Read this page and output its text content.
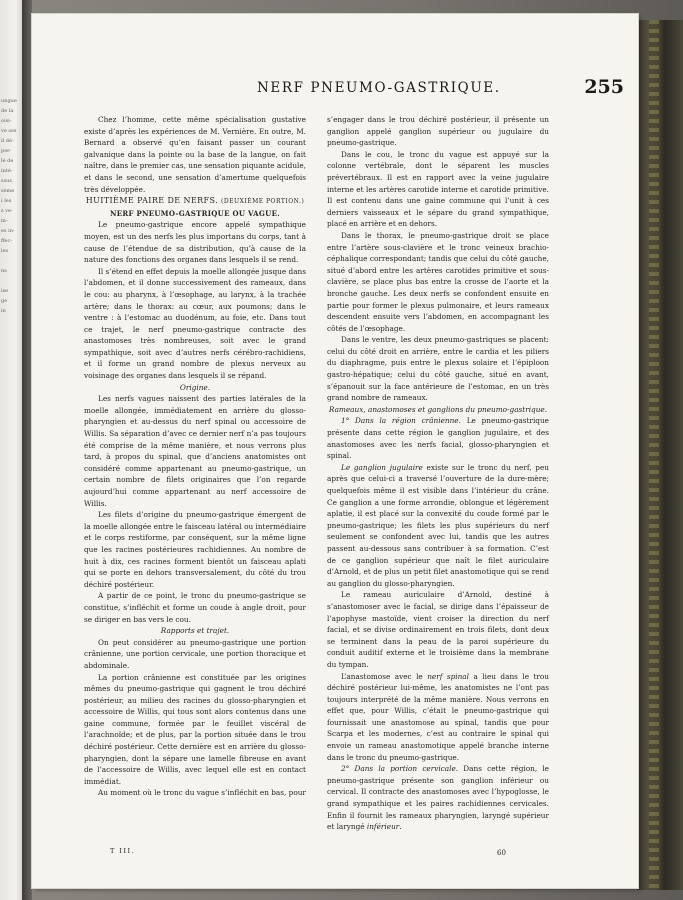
ungue
de la
oisi-
ve ses
il dé-
per-
lé de
inté-
ssus
sème
i les
s ve-
m-
es in-
ffec-
les

ns

ise
ge
in
NERF PNEUMO-GASTRIQUE.	255

Chez l’homme, cette même spécialisation gustative existe d’après les expériences de M. Vernière. En outre, M. Bernard a observé qu’en faisant passer un courant galvanique dans la pointe ou la base de la langue, on fait naître, dans le premier cas, une sensation piquante acidule, et dans le second, une sensation d’amertume quelquefois très développée.

HUITIÈME PAIRE DE NERFS. (DEUXIÈME PORTION.)

NERF PNEUMO-GASTRIQUE OU VAGUE.

Le pneumo-gastrique encore appelé sympathique moyen, est un des nerfs les plus importans du corps, tant à cause de l’étendue de sa distribution, qu’à cause de la nature des fonctions des organes dans lesquels il se rend.

Il s’étend en effet depuis la moelle allongée jusque dans l’abdomen, et il donne successivement des rameaux, dans le cou: au pharynx, à l’œsophage, au larynx, à la trachée artère; dans le thorax: au cœur, aux poumons; dans le ventre : à l’estomac au duodénum, au foie, etc. Dans tout ce trajet, le nerf pneumo-gastrique contracte des anastomoses très nombreuses, soit avec le grand sympathique, soit avec d’autres nerfs cérébro-rachidiens, et il forme un grand nombre de plexus nerveux au voisinage des organes dans lesquels il se répand.

Origine.

Les nerfs vagues naissent des parties latérales de la moelle allongée, immédiatement en arrière du glosso-pharyngien et au-dessus du nerf spinal ou accessoire de Willis. Sa séparation d’avec ce dernier nerf n’a pas toujours été comprise de la même manière, et nous verrons plus tard, à propos du spinal, que d’anciens anatomistes ont considéré comme appartenant au pneumo-gastrique, un certain nombre de filets originaires que l’on regarde aujourd’hui comme appartenant au nerf accessoire de Willis.

Les filets d’origine du pneumo-gastrique émergent de la moelle allongée entre le faisceau latéral ou intermédiaire et le corps restiforme, par conséquent, sur la même ligne que les racines postérieures rachidiennes. Au nombre de huit à dix, ces racines forment bientôt un faisceau aplati qui se porte en dehors transversalement, du côté du trou déchiré postérieur.

A partir de ce point, le tronc du pneumo-gastrique se constitue, s’infléchit et forme un coude à angle droit, pour se diriger en bas vers le cou.

Rapports et trajet.

On peut considérer au pneumo-gastrique une portion crânienne, une portion cervicale, une portion thoracique et abdominale.

La portion crânienne est constituée par les origines mêmes du pneumo-gastrique qui gagnent le trou déchiré postérieur, au milieu des racines du glosso-pharyngien et accessoire de Willis, qui tous sont alors contenus dans une gaine commune, formée par le feuillet viscéral de l’arachnoïde; et de plus, par la portion située dans le trou déchiré postérieur. Cette dernière est en arrière du glosso-pharyngien, dont la sépare une lamelle fibreuse en avant de l’accessoire de Willis, avec lequel elle est en contact immédiat.

Au moment où le tronc du vague s’infléchit en bas, pour

s’engager dans le trou déchiré postérieur, il présente un ganglion appelé ganglion supérieur ou jugulaire du pneumo-gastrique.

Dans le cou, le tronc du vague est appuyé sur la colonne vertébrale, dont le séparent les muscles prévertébraux. Il est en rapport avec la veine jugulaire interne et les artères carotide interne et carotide primitive. Il est contenu dans une gaine commune qui l’unit à ces derniers vaisseaux et le sépare du grand sympathique, placé en arrière et en dehors.

Dans le thorax, le pneumo-gastrique droit se place entre l’artère sous-clavière et le tronc veineux brachio-céphalique correspondant; tandis que celui du côté gauche, situé d’abord entre les artères carotides primitive et sous-clavière, se place plus bas entre la crosse de l’aorte et la bronche gauche. Les deux nerfs se confondent ensuite en partie pour former le plexus pulmonaire, et leurs rameaux descendent ensuite vers l’abdomen, en accompagnant les côtés de l’œsophage.

Dans le ventre, les deux pneumo-gastriques se placent: celui du côté droit en arrière, entre le cardia et les piliers du diaphragme, puis entre le plexus solaire et l’épiploon gastro-hépatique; celui du côté gauche, situé en avant, s’épanouit sur la face antérieure de l’estomac, en un très grand nombre de rameaux.

Rameaux, anastomoses et ganglions du pneumo-gastrique.

1° Dans la région crânienne. Le pneumo-gastrique présente dans cette région le ganglion jugulaire, et des anastomoses avec les nerfs facial, glosso-pharyngien et spinal.

Le ganglion jugulaire existe sur le tronc du nerf, peu après que celui-ci a traversé l’ouverture de la dure-mère; quelquefois même il est visible dans l’intérieur du crâne. Ce ganglion a une forme arrondie, oblongue et légèrement aplatie, il est placé sur la convexité du coude formé par le pneumo-gastrique; les filets les plus supérieurs du nerf seulement se confondent avec lui, tandis que les autres passent au-dessous sans contribuer à sa formation. C’est de ce ganglion supérieur que naît le filet auriculaire d’Arnold, et de plus un petit filet anastomotique qui se rend au ganglion du glosso-pharyngien.

Le rameau auriculaire d’Arnold, destiné à s’anastomoser avec le facial, se dirige dans l’épaisseur de l’apophyse mastoïde, vient croiser la direction du nerf facial, et se divise ordinairement en trois filets, dont deux se terminent dans la peau de la paroi supérieure du conduit auditif externe et le troisième dans la membrane du tympan.

L’anastomose avec le nerf spinal a lieu dans le trou déchiré postérieur lui-même, les anatomistes ne l’ont pas toujours interprété de la même manière. Nous verrons en effet que, pour Willis, c’était le pneumo-gastrique qui fournissait une anastomose au spinal, tandis que pour Scarpa et les modernes, c’est au contraire le spinal qui envoie un rameau anastomotique appelé branche interne dans le tronc du pneumo-gastrique.

2° Dans la portion cervicale. Dans cette région, le pneumo-gastrique présente son ganglion inférieur ou cervical. Il contracte des anastomoses avec l’hypoglosse, le grand sympathique et les paires rachidiennes cervicales. Enfin il fournit les rameaux pharyngien, laryngé supérieur et laryngé inférieur.

T III.	60
